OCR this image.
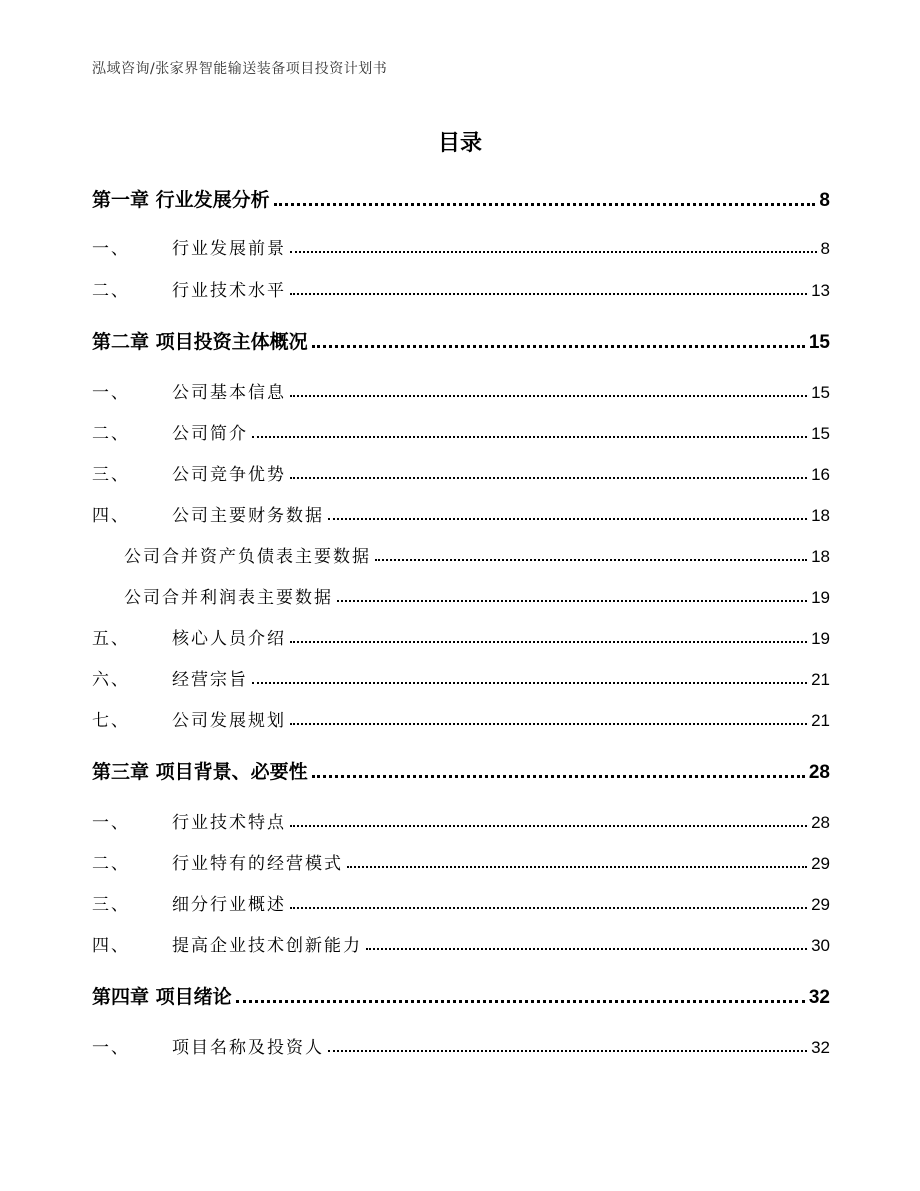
泓域咨询/张家界智能输送装备项目投资计划书
目录
第一章 行业发展分析	8
一、 行业发展前景	8
二、 行业技术水平	13
第二章 项目投资主体概况	15
一、 公司基本信息	15
二、 公司简介	15
三、 公司竞争优势	16
四、 公司主要财务数据	18
公司合并资产负债表主要数据	18
公司合并利润表主要数据	19
五、 核心人员介绍	19
六、 经营宗旨	21
七、 公司发展规划	21
第三章 项目背景、必要性	28
一、 行业技术特点	28
二、 行业特有的经营模式	29
三、 细分行业概述	29
四、 提高企业技术创新能力	30
第四章 项目绪论	32
一、 项目名称及投资人	32
